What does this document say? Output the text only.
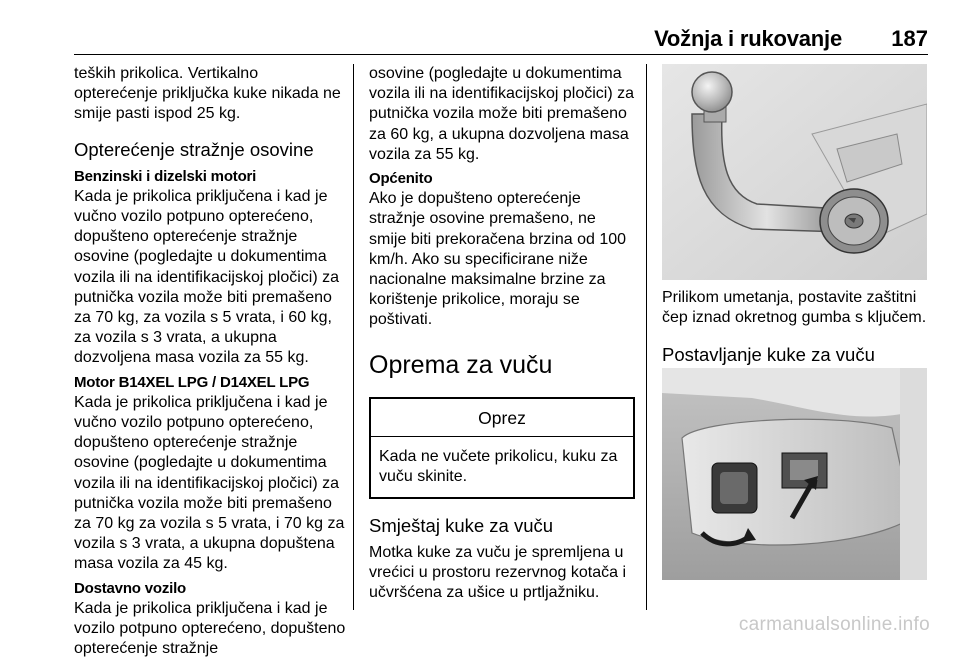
Vožnja i rukovanje	187

teških prikolica. Vertikalno opterećenje priključka kuke nikada ne smije pasti ispod 25 kg.

Opterećenje stražnje osovine

Benzinski i dizelski motori

Kada je prikolica priključena i kad je vučno vozilo potpuno opterećeno, dopušteno opterećenje stražnje osovine (pogledajte u dokumentima vozila ili na identifikacijskoj pločici) za putnička vozila može biti premašeno za 70 kg, za vozila s 5 vrata, i 60 kg, za vozila s 3 vrata, a ukupna dozvoljena masa vozila za 55 kg.

Motor B14XEL LPG / D14XEL LPG

Kada je prikolica priključena i kad je vučno vozilo potpuno opterećeno, dopušteno opterećenje stražnje osovine (pogledajte u dokumentima vozila ili na identifikacijskoj pločici) za putnička vozila može biti premašeno za 70 kg za vozila s 5 vrata, i 70 kg za vozila s 3 vrata, a ukupna dopuštena masa vozila za 45 kg.

Dostavno vozilo

Kada je prikolica priključena i kad je vozilo potpuno opterećeno, dopušteno opterećenje stražnje

osovine (pogledajte u dokumentima vozila ili na identifikacijskoj pločici) za putnička vozila može biti premašeno za 60 kg, a ukupna dozvoljena masa vozila za 55 kg.

Općenito

Ako je dopušteno opterećenje stražnje osovine premašeno, ne smije biti prekoračena brzina od 100 km/h. Ako su specificirane niže nacionalne maksimalne brzine za korištenje prikolice, moraju se poštivati.

Oprema za vuču

Oprez
Kada ne vučete prikolicu, kuku za vuču skinite.

Smještaj kuke za vuču

Motka kuke za vuču je spremljena u vrećici u prostoru rezervnog kotača i učvršćena za ušice u prtljažniku.

Prilikom umetanja, postavite zaštitni čep iznad okretnog gumba s ključem.

Postavljanje kuke za vuču

carmanualsonline.info
